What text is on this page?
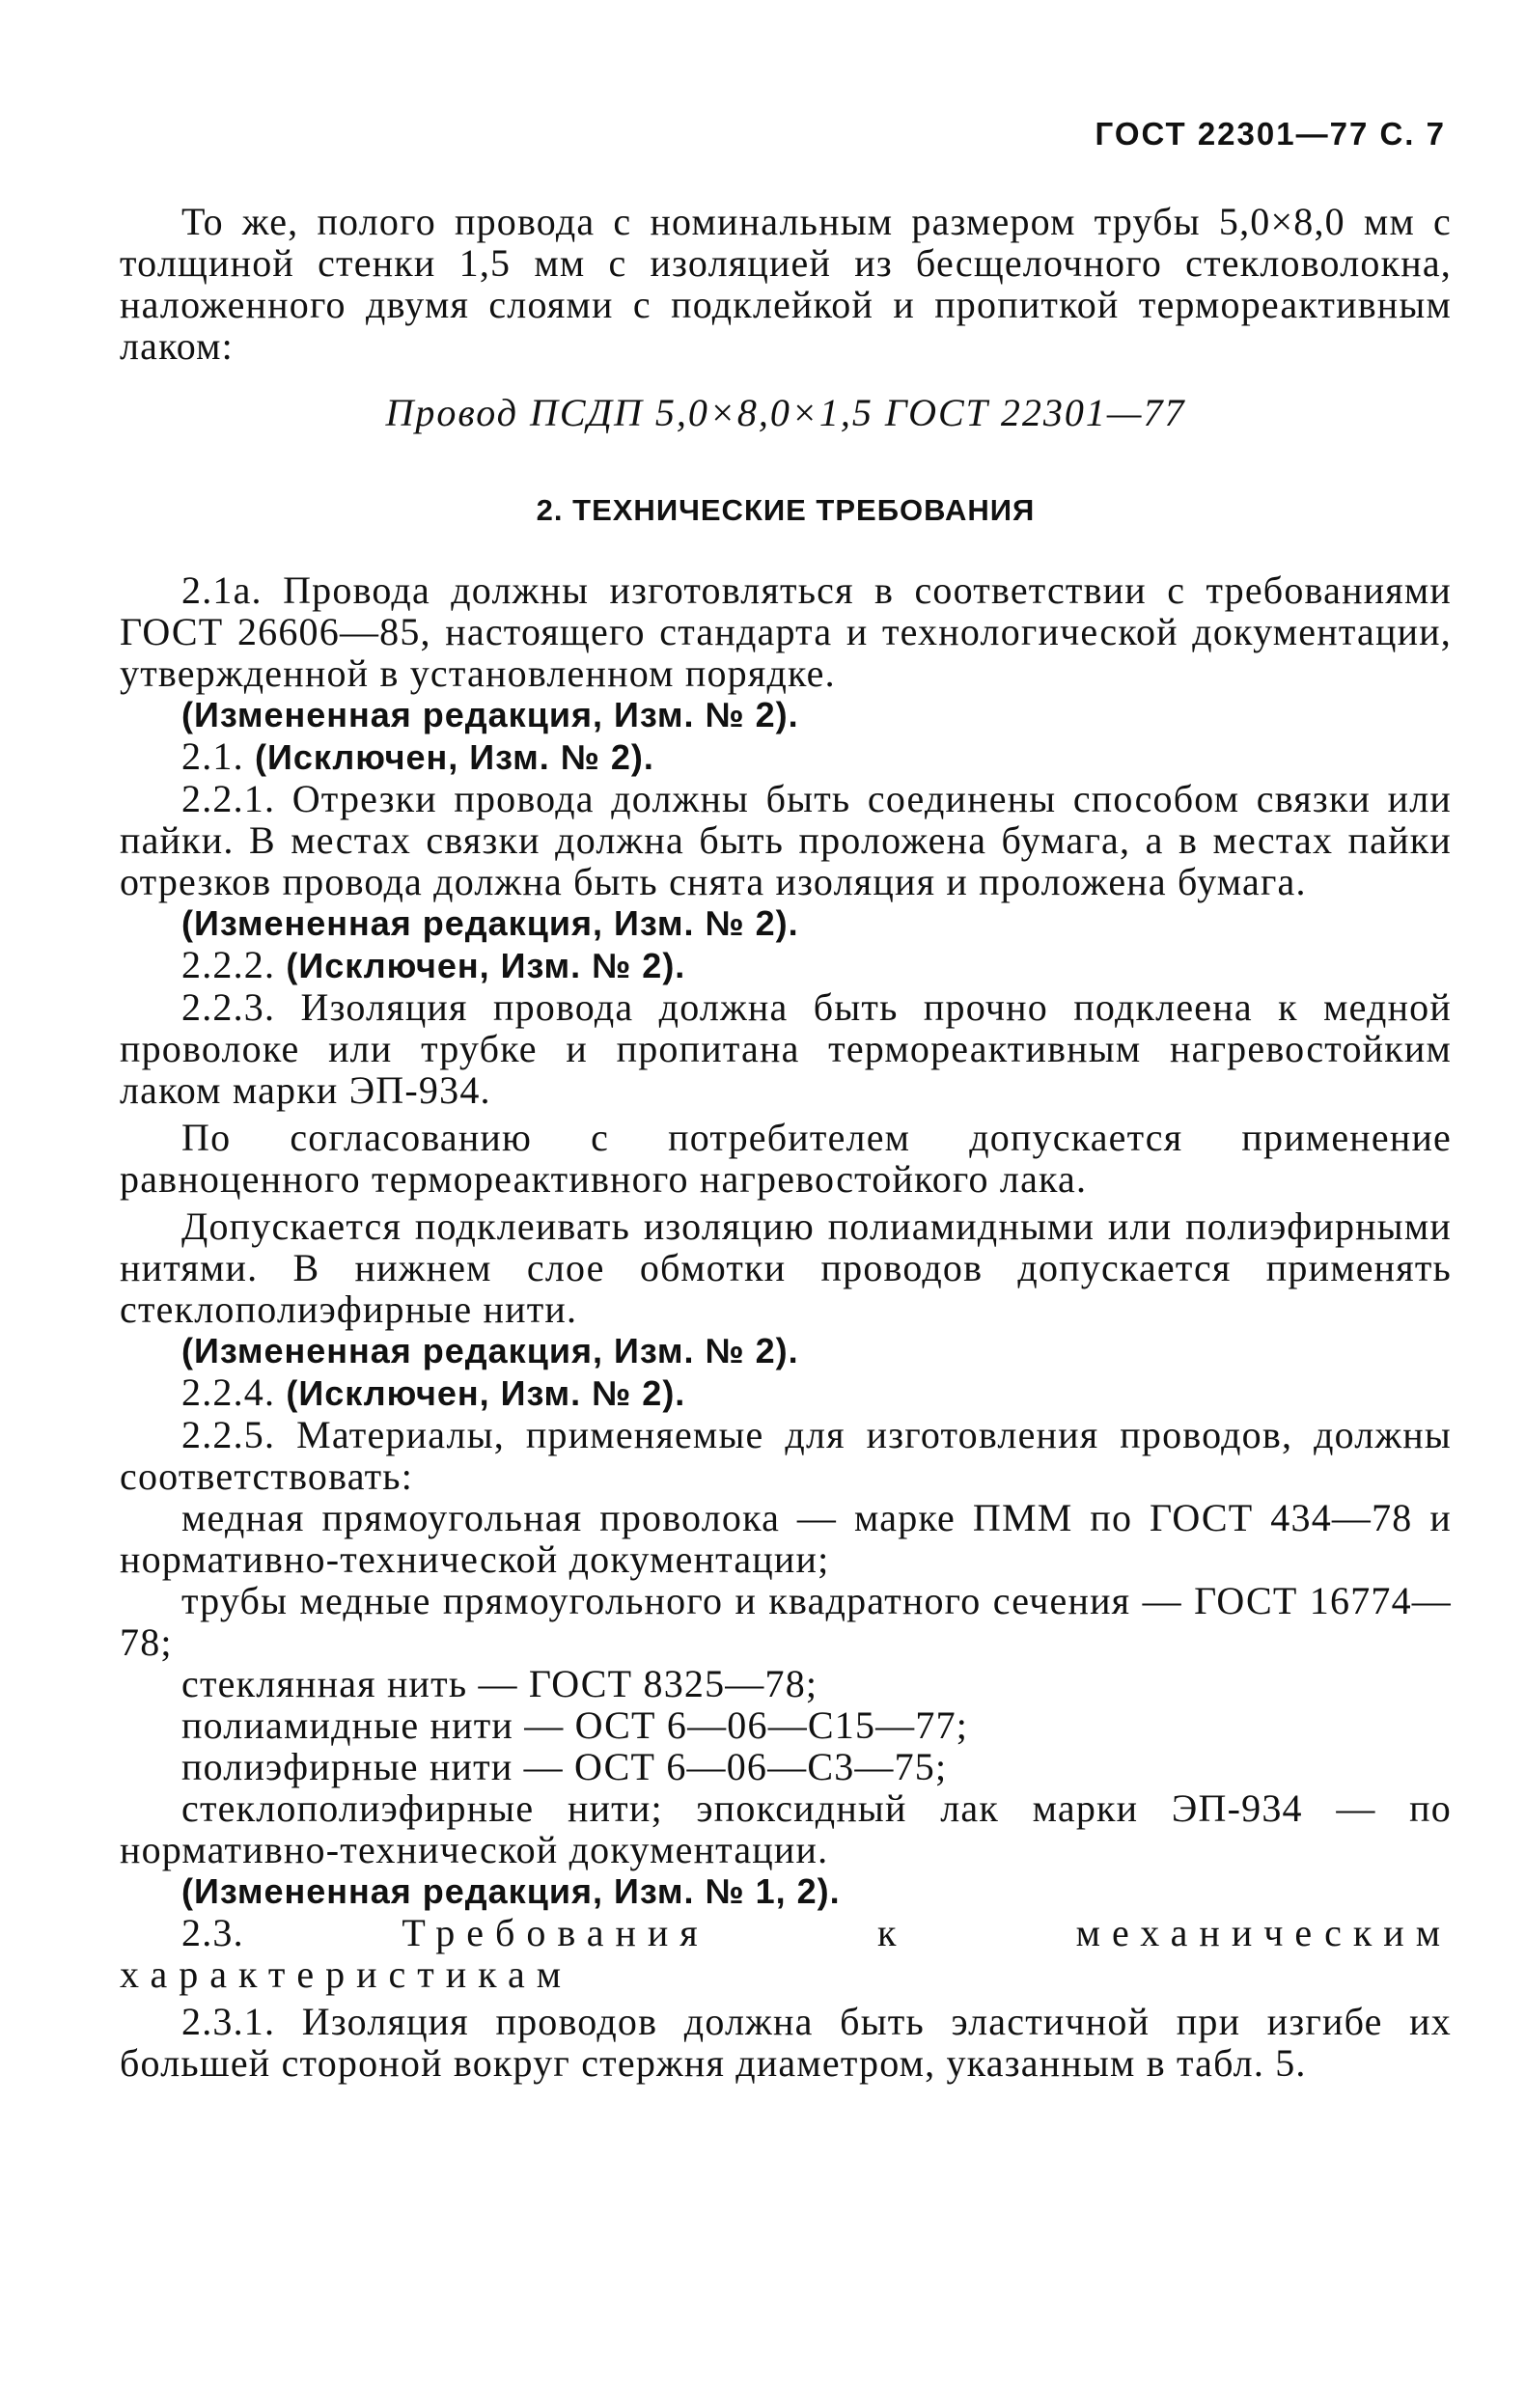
ГОСТ 22301—77 С. 7

То же, полого провода с номинальным размером трубы 5,0×8,0 мм с толщиной стенки 1,5 мм с изоляцией из бесщелочного стекловолокна, наложенного двумя слоями с подклейкой и пропиткой термореактивным лаком:

Провод ПСДП 5,0×8,0×1,5 ГОСТ 22301—77

2. ТЕХНИЧЕСКИЕ ТРЕБОВАНИЯ

2.1а. Провода должны изготовляться в соответствии с требованиями ГОСТ 26606—85, настоящего стандарта и технологической документации, утвержденной в установленном порядке.

(Измененная редакция, Изм. № 2).

2.1. (Исключен, Изм. № 2).

2.2.1. Отрезки провода должны быть соединены способом связки или пайки. В местах связки должна быть проложена бумага, а в местах пайки отрезков провода должна быть снята изоляция и проложена бумага.

(Измененная редакция, Изм. № 2).

2.2.2. (Исключен, Изм. № 2).

2.2.3. Изоляция провода должна быть прочно подклеена к медной проволоке или трубке и пропитана термореактивным нагревостойким лаком марки ЭП-934.

По согласованию с потребителем допускается применение равноценного термореактивного нагревостойкого лака.

Допускается подклеивать изоляцию полиамидными или полиэфирными нитями. В нижнем слое обмотки проводов допускается применять стеклополиэфирные нити.

(Измененная редакция, Изм. № 2).

2.2.4. (Исключен, Изм. № 2).

2.2.5. Материалы, применяемые для изготовления проводов, должны соответствовать:

медная прямоугольная проволока — марке ПММ по ГОСТ 434—78 и нормативно-технической документации;

трубы медные прямоугольного и квадратного сечения — ГОСТ 16774—78;

стеклянная нить — ГОСТ 8325—78;

полиамидные нити — ОСТ 6—06—С15—77;

полиэфирные нити — ОСТ 6—06—С3—75;

стеклополиэфирные нити; эпоксидный лак марки ЭП-934 — по нормативно-технической документации.

(Измененная редакция, Изм. № 1, 2).

2.3.	Требования к механическим характеристикам

2.3.1. Изоляция проводов должна быть эластичной при изгибе их большей стороной вокруг стержня диаметром, указанным в табл. 5.
